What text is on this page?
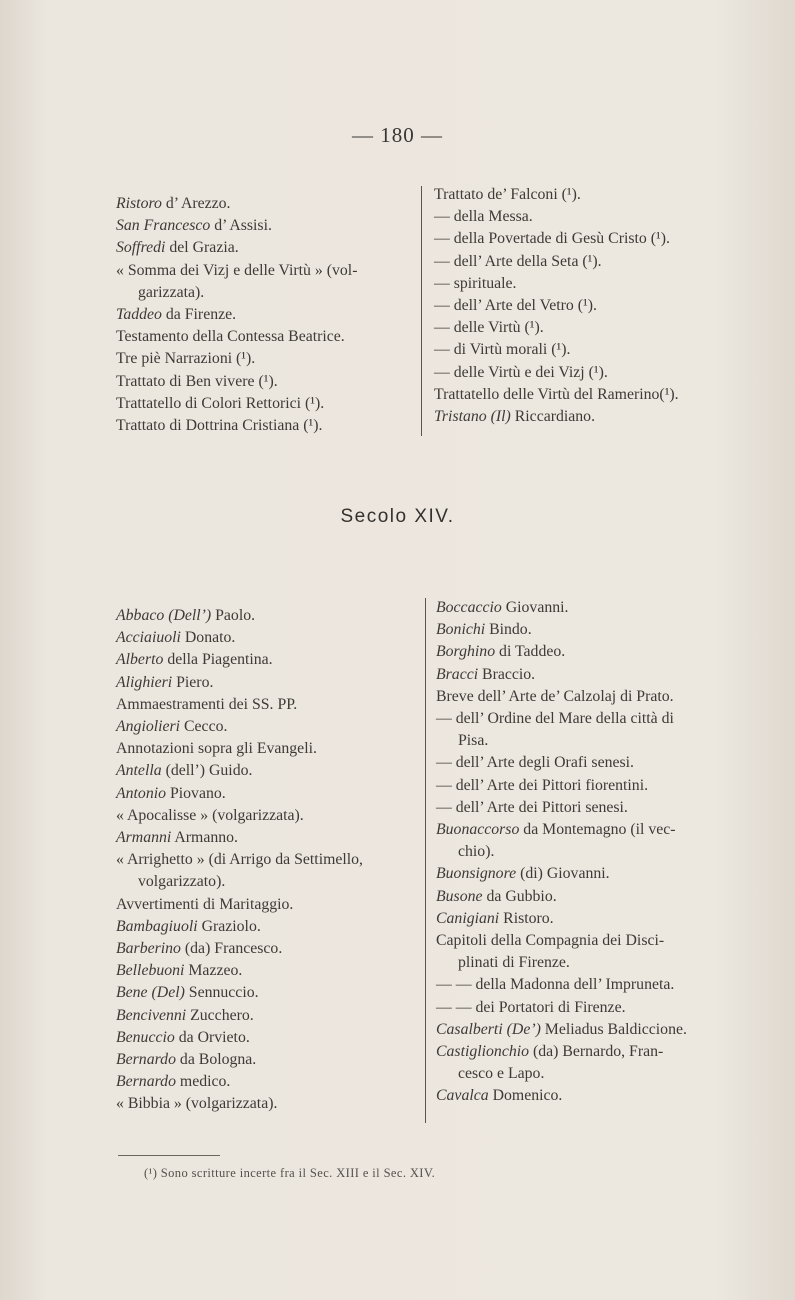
— 180 —
Ristoro d’ Arezzo.
San Francesco d’ Assisi.
Soffredi del Grazia.
« Somma dei Vizj e delle Virtù » (vol-
garizzata).
Taddeo da Firenze.
Testamento della Contessa Beatrice.
Tre piè Narrazioni (¹).
Trattato di Ben vivere (¹).
Trattatello di Colori Rettorici (¹).
Trattato di Dottrina Cristiana (¹).
Trattato de’ Falconi (¹).
— della Messa.
— della Povertade di Gesù Cristo (¹).
— dell’ Arte della Seta (¹).
— spirituale.
— dell’ Arte del Vetro (¹).
— delle Virtù (¹).
— di Virtù morali (¹).
— delle Virtù e dei Vizj (¹).
Trattatello delle Virtù del Ramerino(¹).
Tristano (Il) Riccardiano.
Secolo XIV.
Abbaco (Dell’) Paolo.
Acciaiuoli Donato.
Alberto della Piagentina.
Alighieri Piero.
Ammaestramenti dei SS. PP.
Angiolieri Cecco.
Annotazioni sopra gli Evangeli.
Antella (dell’) Guido.
Antonio Piovano.
« Apocalisse » (volgarizzata).
Armanni Armanno.
« Arrighetto » (di Arrigo da Settimello,
volgarizzato).
Avvertimenti di Maritaggio.
Bambagiuoli Graziolo.
Barberino (da) Francesco.
Bellebuoni Mazzeo.
Bene (Del) Sennuccio.
Bencivenni Zucchero.
Benuccio da Orvieto.
Bernardo da Bologna.
Bernardo medico.
« Bibbia » (volgarizzata).
Boccaccio Giovanni.
Bonichi Bindo.
Borghino di Taddeo.
Bracci Braccio.
Breve dell’ Arte de’ Calzolaj di Prato.
— dell’ Ordine del Mare della città di
Pisa.
— dell’ Arte degli Orafi senesi.
— dell’ Arte dei Pittori fiorentini.
— dell’ Arte dei Pittori senesi.
Buonaccorso da Montemagno (il vec-
chio).
Buonsignore (di) Giovanni.
Busone da Gubbio.
Canigiani Ristoro.
Capitoli della Compagnia dei Disci-
plinati di Firenze.
— — della Madonna dell’ Impruneta.
— — dei Portatori di Firenze.
Casalberti (De’) Meliadus Baldiccione.
Castiglionchio (da) Bernardo, Fran-
cesco e Lapo.
Cavalca Domenico.
(¹) Sono scritture incerte fra il Sec. XIII e il Sec. XIV.
